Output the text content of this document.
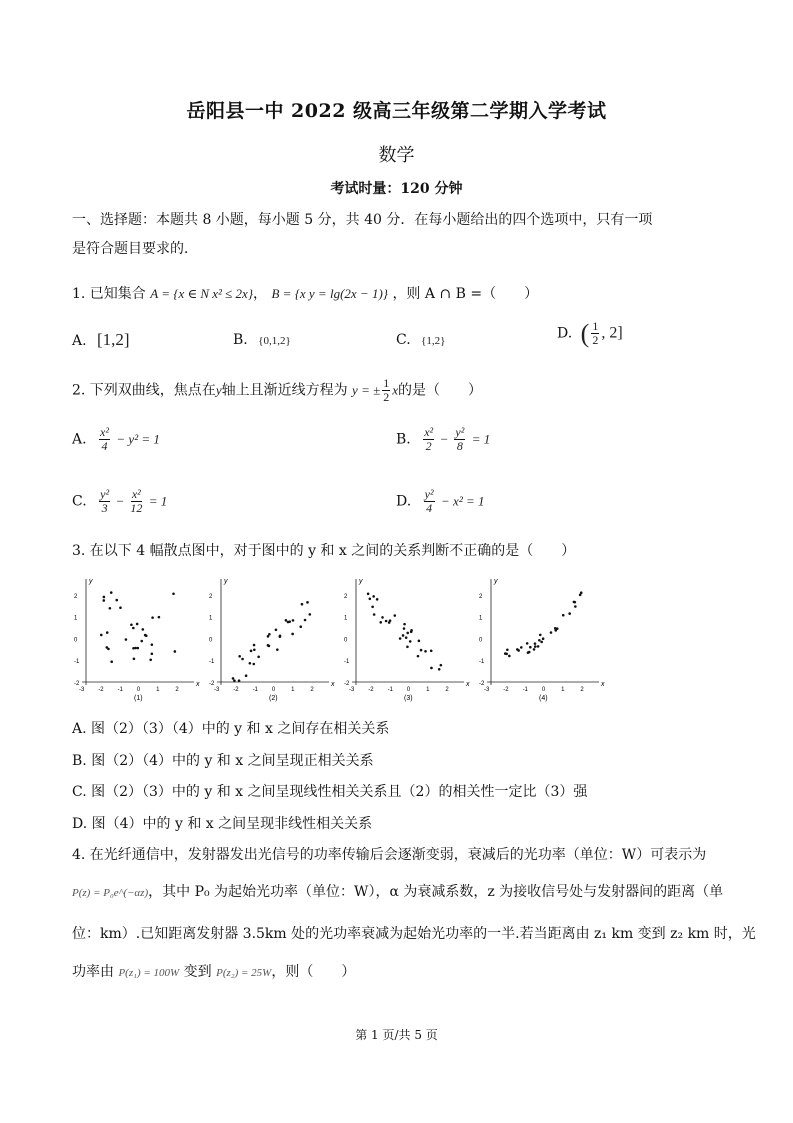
岳阳县一中 2022 级高三年级第二学期入学考试
数学
考试时量：120 分钟
一、选择题：本题共 8 小题，每小题 5 分，共 40 分．在每小题给出的四个选项中，只有一项
是符合题目要求的．
1. 已知集合 A = {x ∈ N x² ≤ 2x}， B = {x y = lg(2x − 1)} ，则 A ∩ B =（　　）
A. [1,2]	B. {0,1,2}	C. {1,2}	D. ( $\frac{1}{2}$ , 2]
2. 下列双曲线，焦点在y轴上且渐近线方程为 y = ± $\frac{1}{2}$ x的是（　　）
A. $\frac{\text{x²}}{4} - y^2 = 1$	B. $\frac{\text{x²}}{2} - \frac{\text{y²}}{8} = 1$
C. $\frac{\text{y²}}{3} - \frac{\text{x²}}{12} = 1$	D. $\frac{\text{y²}}{4} - x^2 = 1$
3. 在以下 4 幅散点图中，对于图中的 y 和 x 之间的关系判断不正确的是（　　）
x
y
-3 -2 -1 0	1	2
2
1
0
-1
-2
(1)
x
y
-3 -2 -1 0	1	2
2
1
0
-1
-2
(2)
x
y
-3 -2 -1 0	1	2
2
1
0
-1
-2
(3)
x
y
-3 -2 -1 0	1	2
2
1
0
-1
-2
(4)
A. 图（2）（3）（4）中的 y 和 x 之间存在相关关系
B. 图（2）（4）中的 y 和 x 之间呈现正相关关系
C. 图（2）（3）中的 y 和 x 之间呈现线性相关关系且（2）的相关性一定比（3）强
D. 图（4）中的 y 和 x 之间呈现非线性相关关系
4. 在光纤通信中，发射器发出光信号的功率传输后会逐渐变弱，衰减后的光功率（单位：W）可表示为
P(z) = P₀e^(−αz)，其中 P₀ 为起始光功率（单位：W），α 为衰减系数，z 为接收信号处与发射器间的距离（单
位：km）.已知距离发射器 3.5km 处的光功率衰减为起始光功率的一半.若当距离由 z₁ km 变到 z₂ km 时，光
功率由 P(z₁) = 100W 变到 P(z₂) = 25W，则（　　）
第 1 页/共 5 页
